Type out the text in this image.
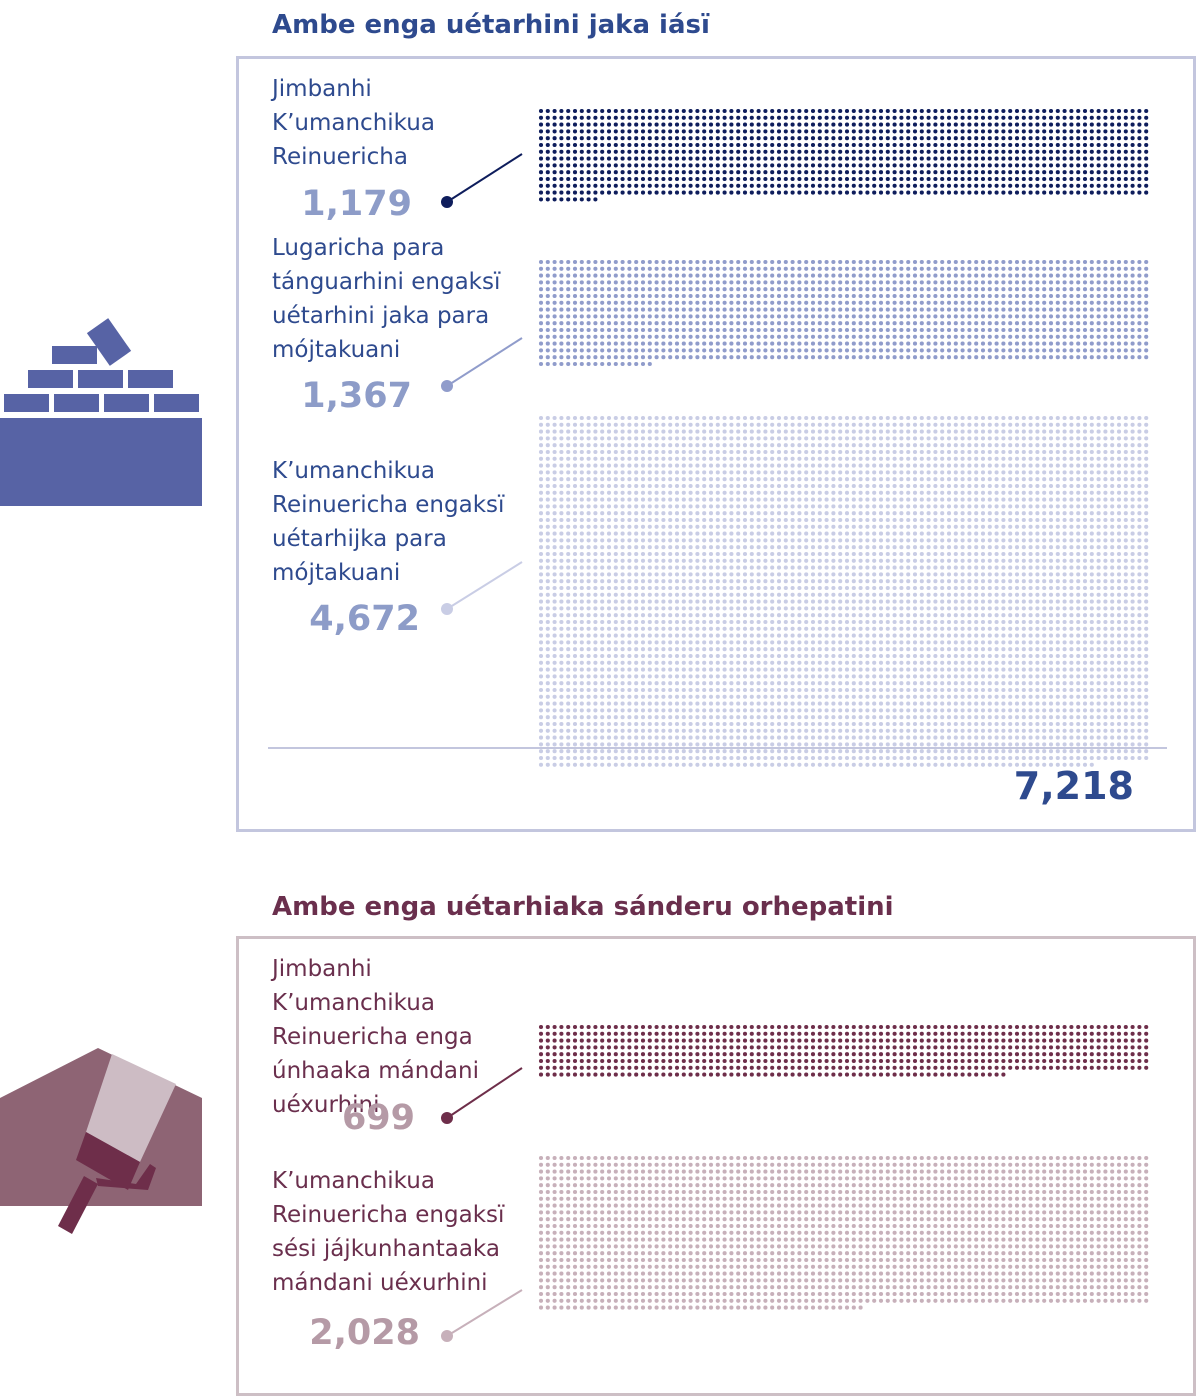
Ambe enga uétarhini jaka iásï
Ambe enga uétarhiaka sánderu orhepatini

Jimbanhi K’umanchikua Reinuericha

1,179

Lugaricha para tánguarhini engaksï uétarhini jaka para mójtakuani

1,367

K’umanchikua Reinuericha engaksï uétarhijka para mójtakuani

4,672

7,218

Jimbanhi K’umanchikua Reinuericha enga únhaaka mándani uéxurhini

699

K’umanchikua Reinuericha engaksï sési jájkunhantaaka mándani uéxurhini

2,028
